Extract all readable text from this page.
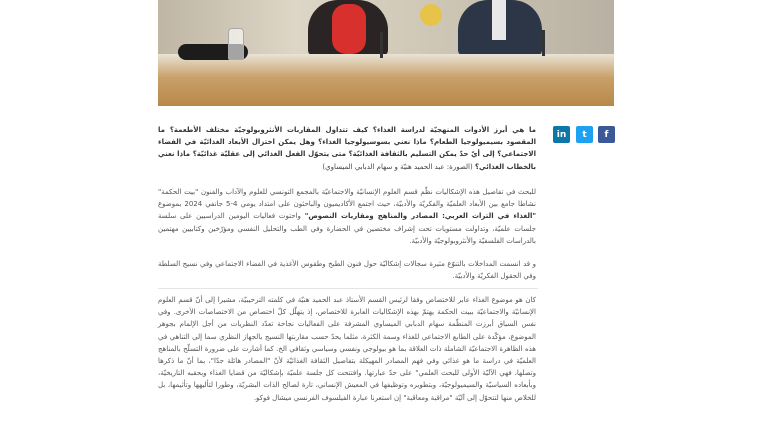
in	t	f

ما هي أبرز الأدوات المنهجيّة لدراسة الغذاء؟ كيف تتداول المقاربات الأنثروبولوجيّة مختلف الأطعمة؟ ما المقصود بسيميولوجيا الطعام؟ ماذا نعني بسوسيولوجيا الغذاء؟ وهل يمكن اختزال الأبعاد الغذائيّة في الفضاء الاجتماعي؟ إلى أيّ حدّ يمكن التسليم بالثقافة الغذائيّة؟ متى يتحوّل الفعل الغذائي إلى عقليّة غذائيّة؟ ماذا نعني بالخطاب الغذائي؟ (الصورة: عبد الحميد هنيّة و سهام الدبابي الميساوي)

للبحث في تفاصيل هذه الإشكاليات نظّم قسم العلوم الإنسانيّة والاجتماعيّة بالمجمع التونسي للعلوم والآداب والفنون "بيت الحكمة" نشاطا جامع بين الأبعاد العلميّة والفكريّة والأدبيّة، حيث اجتمع الأكاديميون والباحثون على امتداد يومي 4-5 جانفي 2024 بموضوع "الغذاء في التراث العربي: المصادر والمناهج ومقاربات النصوص" واحتوت فعاليات اليومين الدراسيين على سلسة جلسات علميّة، وتداولت مستويات تحت إشراف مختصين في الحضارة وفي الطب والتحليل النفسي ومؤرّخين وكتابيين مهتمين بالدراسات الفلسفيّة والأنثروبولوجيّة والأدبيّة.

و قد انسمت المداخلات بالتنوّع مثيرة سجالات إشكاليّة حول فنون الطبخ وطقوس الأغذية في الفضاء الاجتماعي وفي نسيج السلطة وفي الحقول الفكريّة والأدبيّة.

كان هو موضوع الغذاء عابر للاختصاص وفقا لرئيس القسم الأستاذ عبد الحميد هنيّة في كلمته الترحيبيّة، مشيرا إلى أنّ قسم العلوم الإنسانيّة والاجتماعيّة ببيت الحكمة يهتمّ بهذه الإشكاليات العابرة للاختصاص، إذ يتهلّل كلّ اختصاص من الاختصاصات الأخرى. وفي نفس السياق أبرزت المنظّمة سهام الدبابي الميساوي المشرفة على الفعاليات نجاحة تعدّد النظريات من أجل الإلمام بجوهر الموضوع، مؤكّدة على الطابع الاجتماعي للغذاء وسمة الكثرة، مثلما يحدّ حسب مقاربتها النسيج بالجهاز النظري سما إلى التناهي في هذه الظاهرة الاجتماعيّة الشاملة ذات العلاقة بما هو بيولوجي ونفسي وسياسي وثقافي الخ. كما أشارت على ضرورة التسلّح بالمناهج العلميّة في دراسة ما هو غذائي وفي فهم المصادر المهيكلة بتفاصيل الثقافة الغذائيّة لأنّ "المصادر هائلة جدّا"، بما أنّ ما ذكرها وتصلها، فهي الآليّة الأولى للبحث العلمي" على حدّ عبارتها. وافتتحت كل جلسة علميّة بإشكاليّة من قضايا الغذاء وبحقبه التاريخيّة، وبأبعاده السياسيّة والسيميولوجيّة، وبتطويره وتوظيفها في المعيش الإنساني، تارة لصالح الذات البشريّة، وطورا لتأليهها وتأثيمها، بل للخلاص منها لتتحوّل إلى آليّة "مراقبة ومعاقبة" إن استعرنا عبارة الفيلسوف الفرنسي ميشال فوكو.
